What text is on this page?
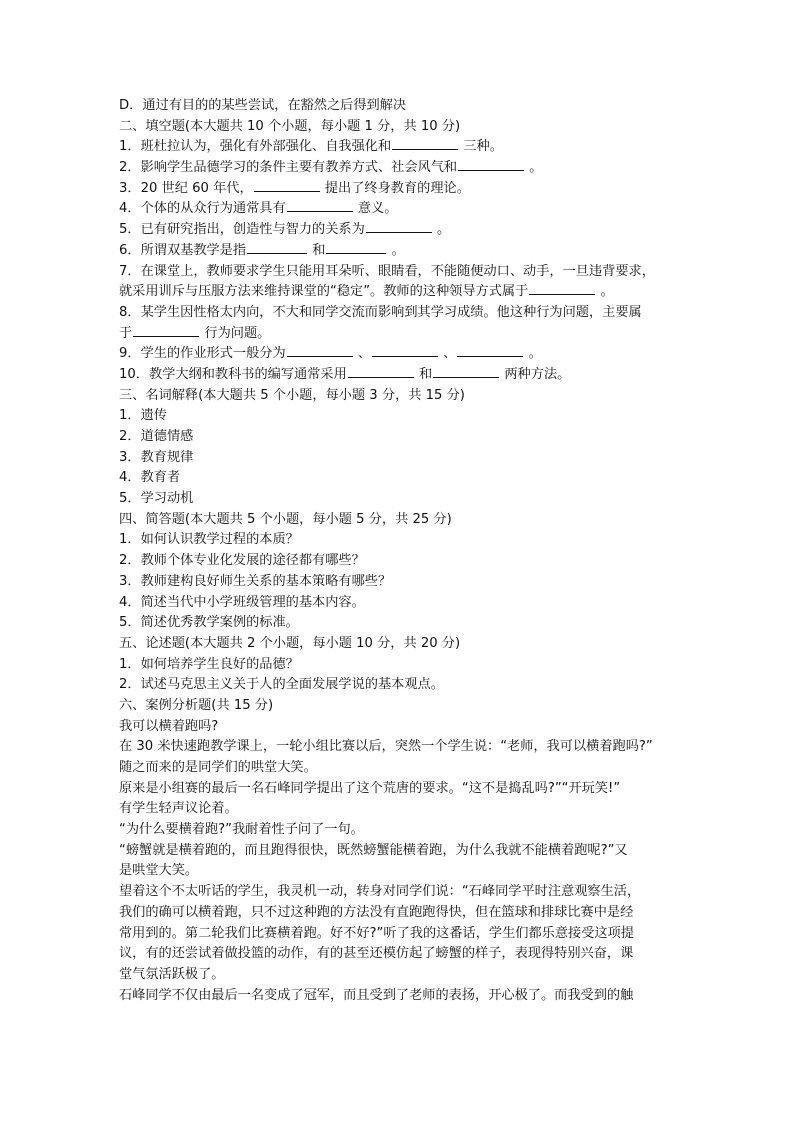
D．通过有目的的某些尝试，在豁然之后得到解决
二、填空题(本大题共 10 个小题，每小题 1 分，共 10 分)
1．班杜拉认为，强化有外部强化、自我强化和	三种。
2．影响学生品德学习的条件主要有教养方式、社会风气和	。
3．20 世纪 60 年代，	提出了终身教育的理论。
4．个体的从众行为通常具有	意义。
5．已有研究指出，创造性与智力的关系为	。
6．所谓双基教学是指	和	。
7．在课堂上，教师要求学生只能用耳朵听、眼睛看，不能随便动口、动手，一旦违背要求，
就采用训斥与压服方法来维持课堂的“稳定”。教师的这种领导方式属于	。
8．某学生因性格太内向，不大和同学交流而影响到其学习成绩。他这种行为问题，主要属
于	行为问题。
9．学生的作业形式一般分为	、	、	。
10．教学大纲和教科书的编写通常采用	和	两种方法。
三、名词解释(本大题共 5 个小题，每小题 3 分，共 15 分)
1．遗传
2．道德情感
3．教育规律
4．教育者
5．学习动机
四、简答题(本大题共 5 个小题，每小题 5 分，共 25 分)
1．如何认识教学过程的本质？
2．教师个体专业化发展的途径都有哪些？
3．教师建构良好师生关系的基本策略有哪些？
4．简述当代中小学班级管理的基本内容。
5．简述优秀教学案例的标准。
五、论述题(本大题共 2 个小题，每小题 10 分，共 20 分)
1．如何培养学生良好的品德？
2．试述马克思主义关于人的全面发展学说的基本观点。
六、案例分析题(共 15 分)
我可以横着跑吗?
在 30 米快速跑教学课上，一轮小组比赛以后，突然一个学生说：“老师，我可以横着跑吗?”
随之而来的是同学们的哄堂大笑。
原来是小组赛的最后一名石峰同学提出了这个荒唐的要求。“这不是捣乱吗?”“开玩笑!”
有学生轻声议论着。
“为什么要横着跑?”我耐着性子问了一句。
“螃蟹就是横着跑的，而且跑得很快，既然螃蟹能横着跑，为什么我就不能横着跑呢?”又
是哄堂大笑。
望着这个不太听话的学生，我灵机一动，转身对同学们说：“石峰同学平时注意观察生活，
我们的确可以横着跑，只不过这种跑的方法没有直跑跑得快，但在篮球和排球比赛中是经
常用到的。第二轮我们比赛横着跑。好不好?”听了我的这番话，学生们都乐意接受这项提
议，有的还尝试着做投篮的动作，有的甚至还模仿起了螃蟹的样子，表现得特别兴奋，课
堂气氛活跃极了。
石峰同学不仅由最后一名变成了冠军，而且受到了老师的表扬，开心极了。而我受到的触
